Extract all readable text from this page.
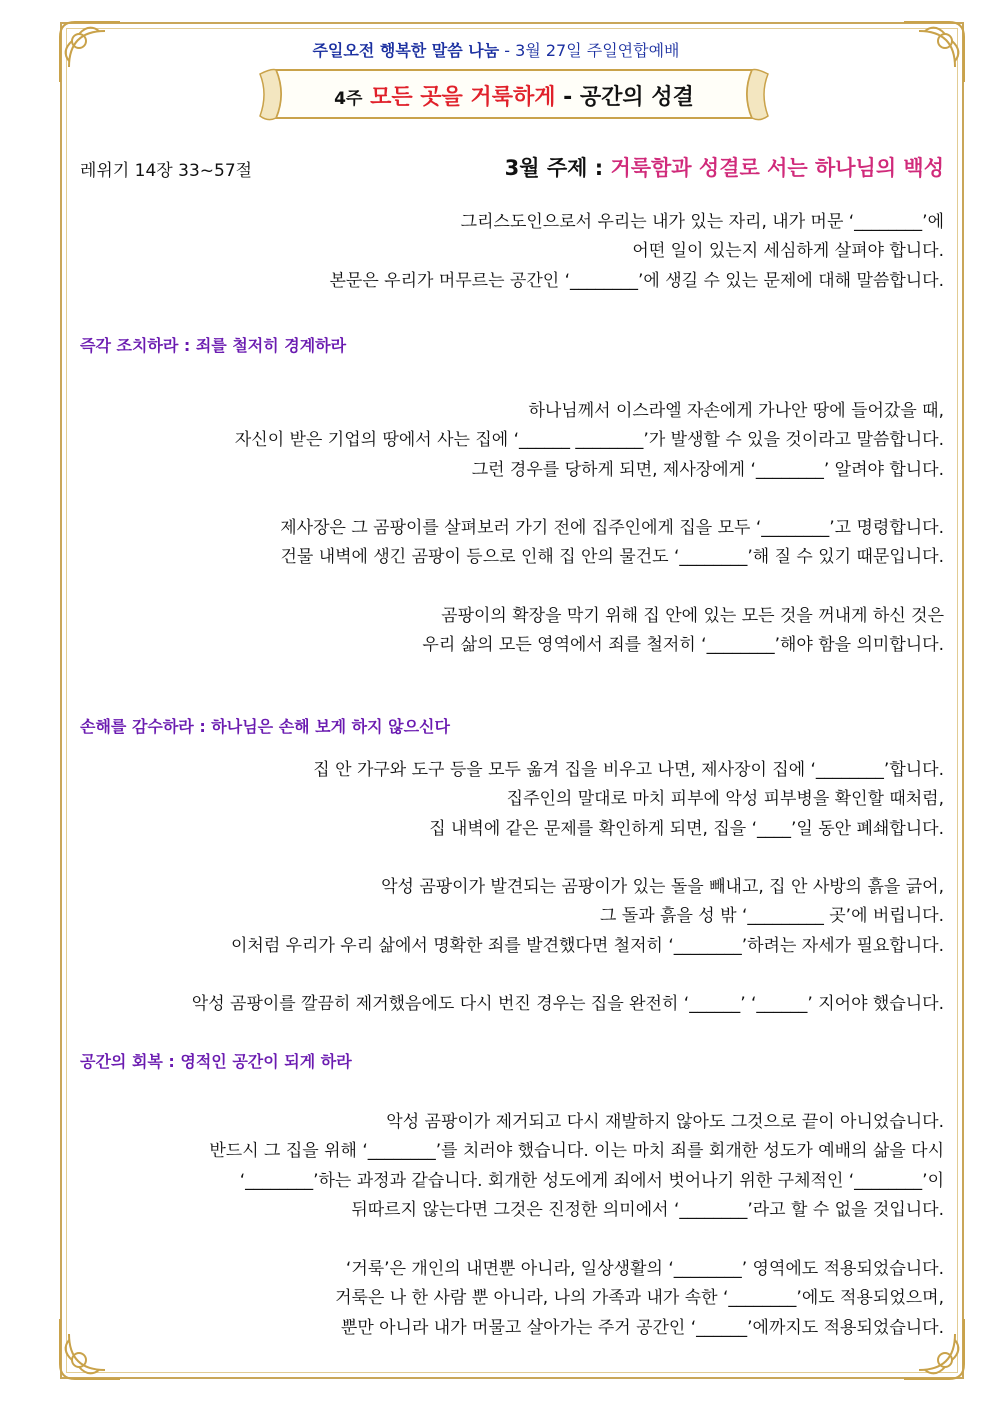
주일오전 행복한 말씀 나눔 - 3월 27일 주일연합예배
4주 모든 곳을 거룩하게 - 공간의 성결
레위기 14장 33~57절	3월 주제 : 거룩함과 성결로 서는 하나님의 백성
그리스도인으로서 우리는 내가 있는 자리, 내가 머문 ‘________’에
어떤 일이 있는지 세심하게 살펴야 합니다.
본문은 우리가 머무르는 공간인 ‘________’에 생길 수 있는 문제에 대해 말씀합니다.
즉각 조치하라 : 죄를 철저히 경계하라
하나님께서 이스라엘 자손에게 가나안 땅에 들어갔을 때,
자신이 받은 기업의 땅에서 사는 집에 ‘______ ________’가 발생할 수 있을 것이라고 말씀합니다.
그런 경우를 당하게 되면, 제사장에게 ‘________’ 알려야 합니다.
제사장은 그 곰팡이를 살펴보러 가기 전에 집주인에게 집을 모두 ‘________’고 명령합니다.
건물 내벽에 생긴 곰팡이 등으로 인해 집 안의 물건도 ‘________’해 질 수 있기 때문입니다.
곰팡이의 확장을 막기 위해 집 안에 있는 모든 것을 꺼내게 하신 것은
우리 삶의 모든 영역에서 죄를 철저히 ‘________’해야 함을 의미합니다.
손해를 감수하라 : 하나님은 손해 보게 하지 않으신다
집 안 가구와 도구 등을 모두 옮겨 집을 비우고 나면, 제사장이 집에 ‘________’합니다.
집주인의 말대로 마치 피부에 악성 피부병을 확인할 때처럼,
집 내벽에 같은 문제를 확인하게 되면, 집을 ‘____’일 동안 폐쇄합니다.
악성 곰팡이가 발견되는 곰팡이가 있는 돌을 빼내고, 집 안 사방의 흙을 긁어,
그 돌과 흙을 성 밖 ‘_________ 곳’에 버립니다.
이처럼 우리가 우리 삶에서 명확한 죄를 발견했다면 철저히 ‘________’하려는 자세가 필요합니다.
악성 곰팡이를 깔끔히 제거했음에도 다시 번진 경우는 집을 완전히 ‘______’ ‘______’ 지어야 했습니다.
공간의 회복 : 영적인 공간이 되게 하라
악성 곰팡이가 제거되고 다시 재발하지 않아도 그것으로 끝이 아니었습니다.
반드시 그 집을 위해 ‘________’를 치러야 했습니다. 이는 마치 죄를 회개한 성도가 예배의 삶을 다시
‘________’하는 과정과 같습니다. 회개한 성도에게 죄에서 벗어나기 위한 구체적인 ‘________’이
뒤따르지 않는다면 그것은 진정한 의미에서 ‘________’라고 할 수 없을 것입니다.
‘거룩’은 개인의 내면뿐 아니라, 일상생활의 ‘________’ 영역에도 적용되었습니다.
거룩은 나 한 사람 뿐 아니라, 나의 가족과 내가 속한 ‘________’에도 적용되었으며,
뿐만 아니라 내가 머물고 살아가는 주거 공간인 ‘______’에까지도 적용되었습니다.
